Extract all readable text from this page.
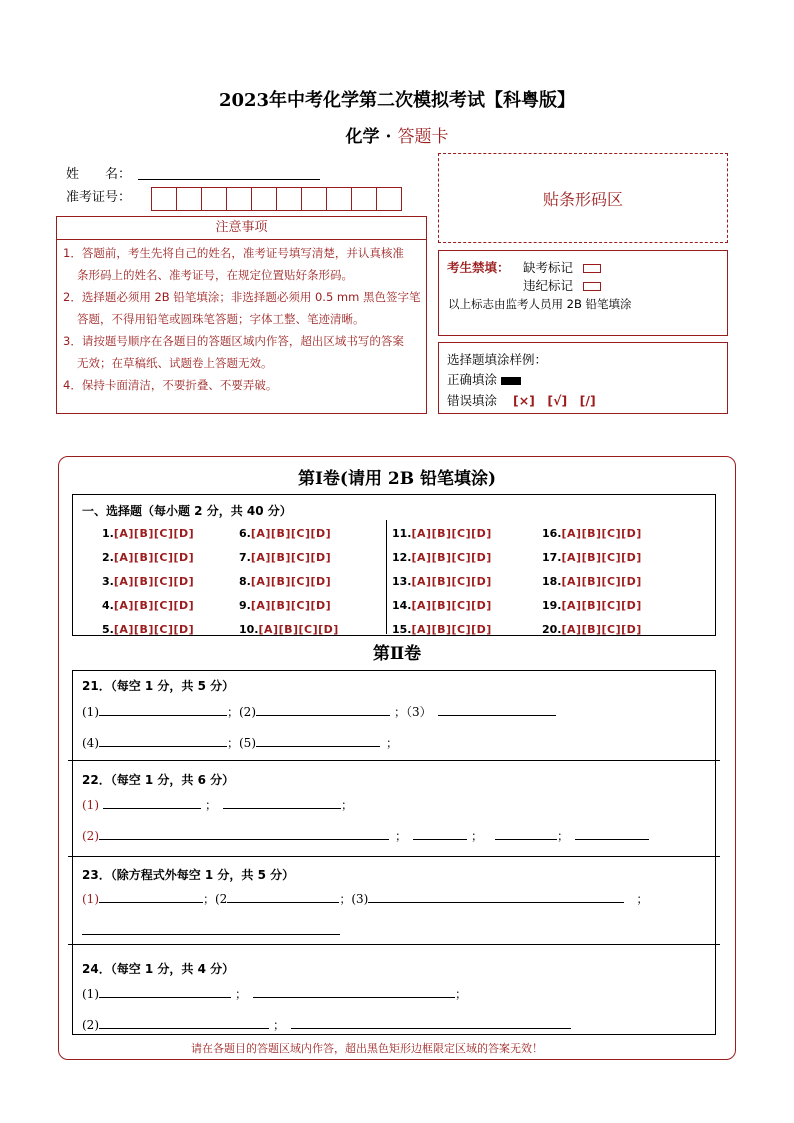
2023年中考化学第二次模拟考试【科粤版】
化学 · 答题卡
姓　　名：
准考证号：	贴条形码区
注意事项
1．答题前，考生先将自己的姓名，准考证号填写清楚，并认真核准
条形码上的姓名、准考证号，在规定位置贴好条形码。
2．选择题必须用 2B 铅笔填涂；非选择题必须用 0.5 mm 黑色签字笔
答题，不得用铅笔或圆珠笔答题；字体工整、笔迹清晰。
3．请按题号顺序在各题目的答题区域内作答，超出区域书写的答案
无效；在草稿纸、试题卷上答题无效。
4．保持卡面清洁，不要折叠、不要弄破。
考生禁填： 缺考标记
违纪标记
以上标志由监考人员用 2B 铅笔填涂
选择题填涂样例：
正确填涂
错误填涂 [×]　[√]　[/]
第Ⅰ卷(请用 2B 铅笔填涂)
一、选择题（每小题 2 分，共 40 分）
1.[A][B][C][D]
2.[A][B][C][D]
3.[A][B][C][D]
4.[A][B][C][D]
5.[A][B][C][D]
6.[A][B][C][D]
7.[A][B][C][D]
8.[A][B][C][D]
9.[A][B][C][D]
10.[A][B][C][D]
11.[A][B][C][D]
12.[A][B][C][D]
13.[A][B][C][D]
14.[A][B][C][D]
15.[A][B][C][D]
16.[A][B][C][D]
17.[A][B][C][D]
18.[A][B][C][D]
19.[A][B][C][D]
20.[A][B][C][D]
第Ⅱ卷
21．（每空 1 分，共 5 分）
(1)	；(2)	；（3）
(4)	；(5)	；
22．（每空 1 分，共 6 分）
(1)	；	；
(2)	；	；	；
23．（除方程式外每空 1 分，共 5 分）
(1)	；(2	；(3)	；
24．（每空 1 分，共 4 分）
(1)	；	；
(2)	；
请在各题目的答题区域内作答，超出黑色矩形边框限定区域的答案无效！
